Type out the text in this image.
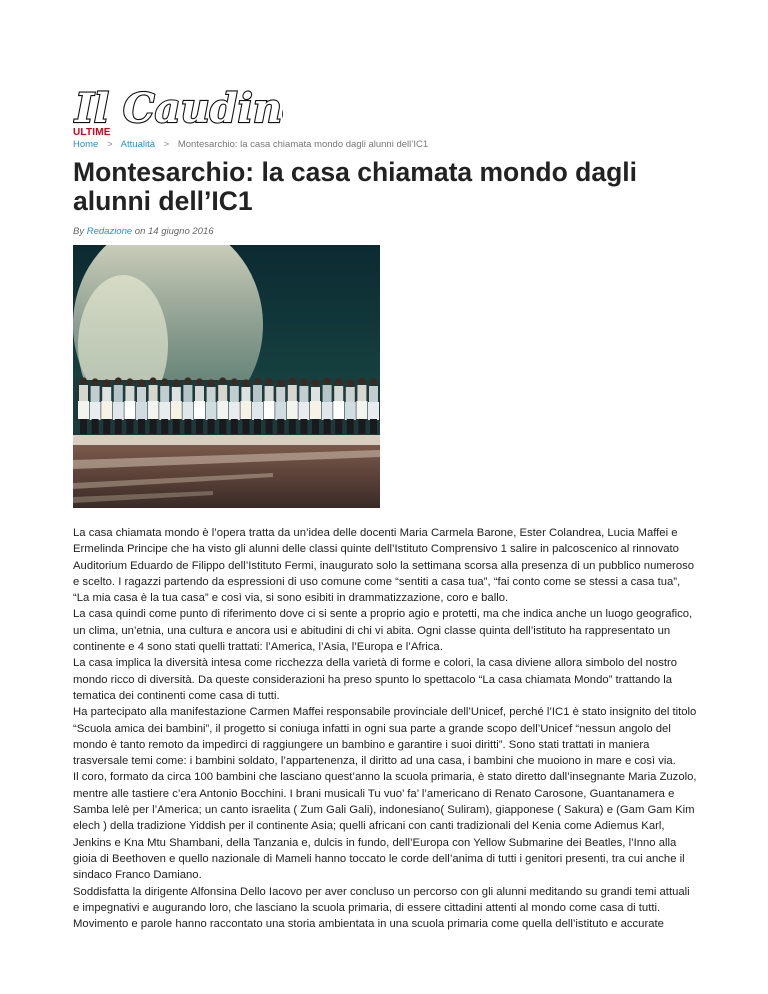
Il Caudin
ULTIME
Home > Attualità > Montesarchio: la casa chiamata mondo dagli alunni dell’IC1
Montesarchio: la casa chiamata mondo dagli alunni dell’IC1
By Redazione on 14 giugno 2016

La casa chiamata mondo è l’opera tratta da un’idea delle docenti Maria Carmela Barone, Ester Colandrea, Lucia Maffei e Ermelinda Principe che ha visto gli alunni delle classi quinte dell’Istituto Comprensivo 1 salire in palcoscenico al rinnovato Auditorium Eduardo de Filippo dell’Istituto Fermi, inaugurato solo la settimana scorsa alla presenza di un pubblico numeroso e scelto. I ragazzi partendo da espressioni di uso comune come “sentiti a casa tua”, “fai conto come se stessi a casa tua”, “La mia casa è la tua casa” e così via, si sono esibiti in drammatizzazione, coro e ballo.

La casa quindi come punto di riferimento dove ci si sente a proprio agio e protetti, ma che indica anche un luogo geografico, un clima, un’etnia, una cultura e ancora usi e abitudini di chi vi abita. Ogni classe quinta dell’istituto ha rappresentato un continente e 4 sono stati quelli trattati: l’America, l’Asia, l’Europa e l’Africa.

La casa implica la diversità intesa come ricchezza della varietà di forme e colori, la casa diviene allora simbolo del nostro mondo ricco di diversità. Da queste considerazioni ha preso spunto lo spettacolo “La casa chiamata Mondo” trattando la tematica dei continenti come casa di tutti.

Ha partecipato alla manifestazione Carmen Maffei responsabile provinciale dell’Unicef, perché l’IC1 è stato insignito del titolo “Scuola amica dei bambini”, il progetto si coniuga infatti in ogni sua parte a grande scopo dell’Unicef “nessun angolo del mondo è tanto remoto da impedirci di raggiungere un bambino e garantire i suoi diritti”. Sono stati trattati in maniera trasversale temi come: i bambini soldato, l’appartenenza, il diritto ad una casa, i bambini che muoiono in mare e così via.

Il coro, formato da circa 100 bambini che lasciano quest’anno la scuola primaria, è stato diretto dall’insegnante Maria Zuzolo, mentre alle tastiere c’era Antonio Bocchini. I brani musicali Tu vuo’ fa’ l’americano di Renato Carosone, Guantanamera e Samba lelè per l’America; un canto israelita ( Zum Gali Gali), indonesiano( Suliram), giapponese ( Sakura) e (Gam Gam Kim elech ) della tradizione Yiddish per il continente Asia; quelli africani con canti tradizionali del Kenia come Adiemus Karl, Jenkins e Kna Mtu Shambani, della Tanzania e, dulcis in fundo, dell’Europa con Yellow Submarine dei Beatles, l’Inno alla gioia di Beethoven e quello nazionale di Mameli hanno toccato le corde dell’anima di tutti i genitori presenti, tra cui anche il sindaco Franco Damiano.

Soddisfatta la dirigente Alfonsina Dello Iacovo per aver concluso un percorso con gli alunni meditando su grandi temi attuali e impegnativi e augurando loro, che lasciano la scuola primaria, di essere cittadini attenti al mondo come casa di tutti.

Movimento e parole hanno raccontato una storia ambientata in una scuola primaria come quella dell’istituto e accurate
